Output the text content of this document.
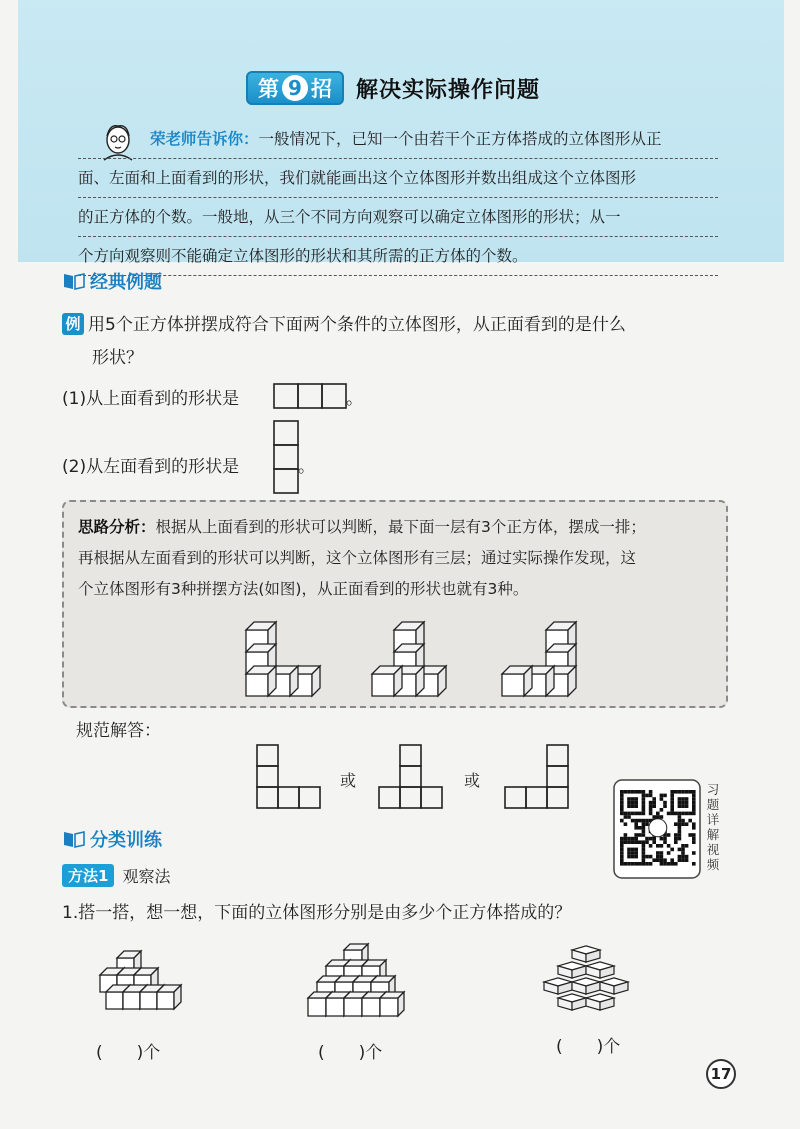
第 9 招 解决实际操作问题
荣老师告诉你：一般情况下，已知一个由若干个正方体搭成的立体图形从正
面、左面和上面看到的形状，我们就能画出这个立体图形并数出组成这个立体图形
的正方体的个数。一般地，从三个不同方向观察可以确定立体图形的形状；从一
个方向观察则不能确定立体图形的形状和其所需的正方体的个数。
经典例题
例 用5个正方体拼摆成符合下面两个条件的立体图形，从正面看到的是什么
形状？
(1)从上面看到的形状是	。
(2)从左面看到的形状是	。
思路分析：根据从上面看到的形状可以判断，最下面一层有3个正方体，摆成一排；
再根据从左面看到的形状可以判断，这个立体图形有三层；通过实际操作发现，这
个立体图形有3种拼摆方法(如图)，从正面看到的形状也就有3种。
规范解答：
或	或	习
题
详
解
视
频
分类训练
方法1 观察法
1.搭一搭，想一想，下面的立体图形分别是由多少个正方体搭成的？
(　　)个	(　　)个	(　　)个
17
